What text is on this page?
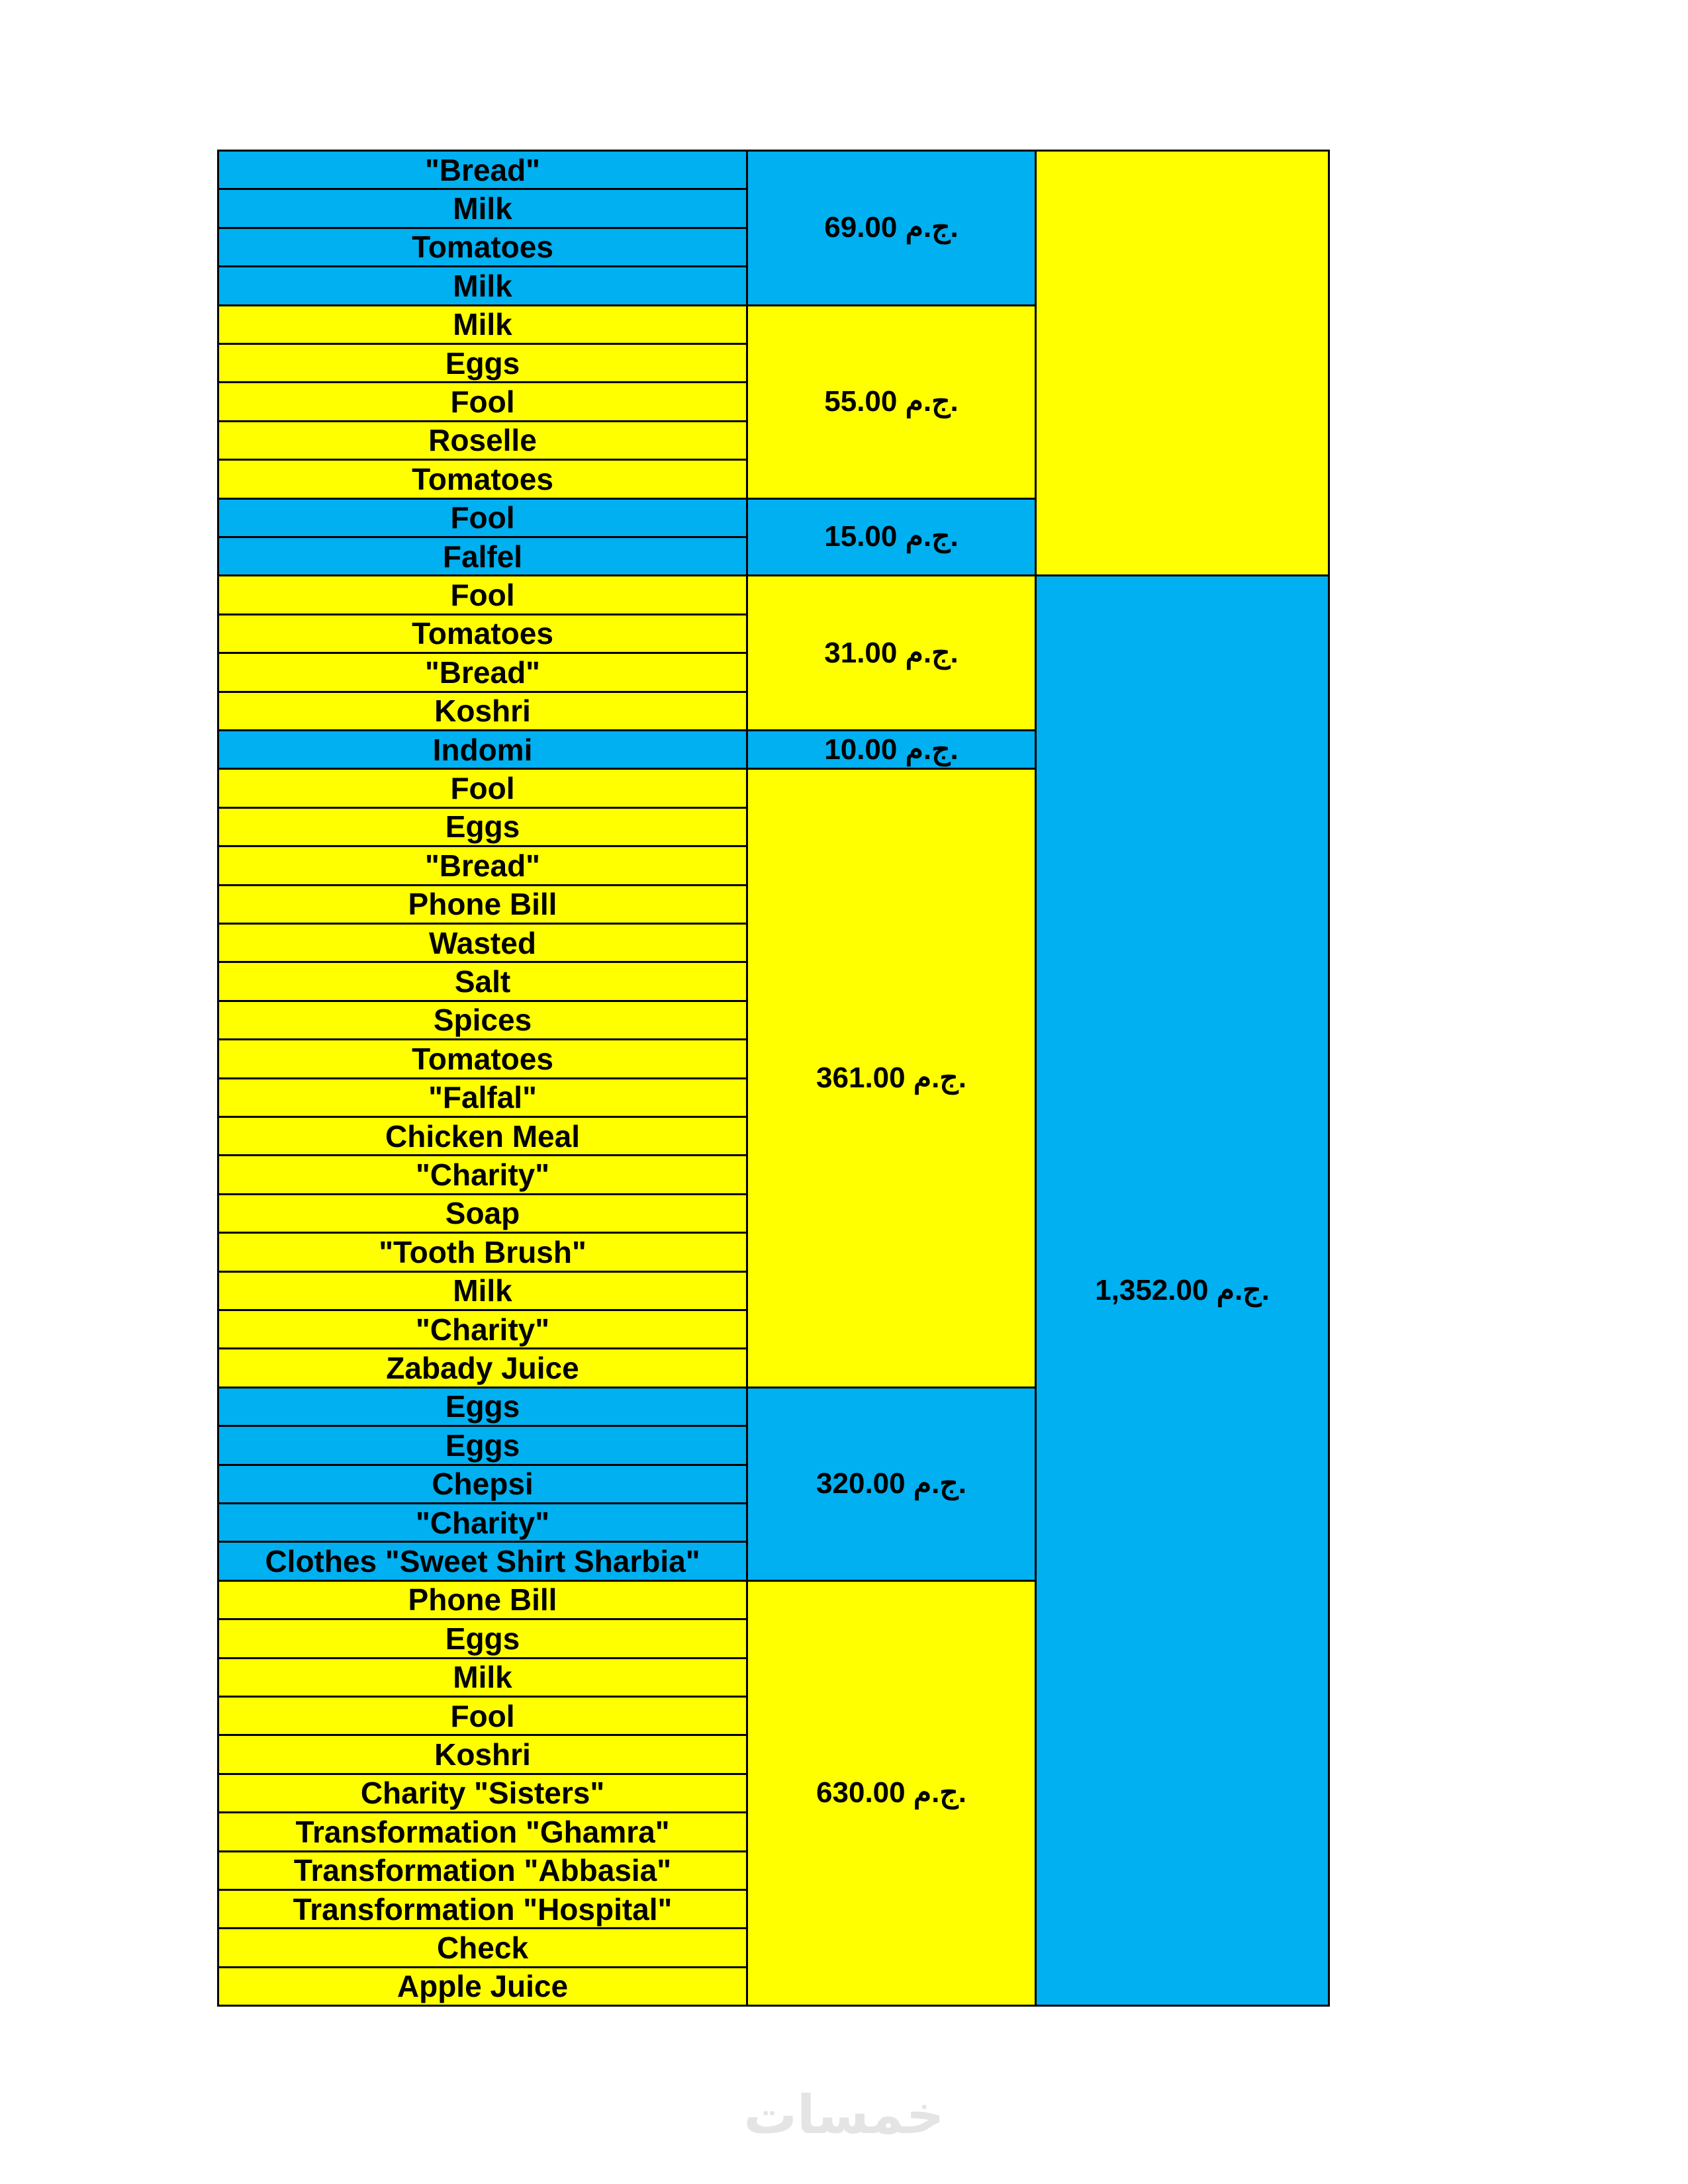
"Bread"
Milk
Tomatoes
Milk
Milk
Eggs
Fool
Roselle
Tomatoes
Fool
Falfel
Fool
Tomatoes
"Bread"
Koshri
Indomi
Fool
Eggs
"Bread"
Phone Bill
Wasted
Salt
Spices
Tomatoes
"Falfal"
Chicken Meal
"Charity"
Soap
"Tooth Brush"
Milk
"Charity"
Zabady Juice
Eggs
Eggs
Chepsi
"Charity"
Clothes "Sweet Shirt Sharbia"
Phone Bill
Eggs
Milk
Fool
Koshri
Charity "Sisters"
Transformation "Ghamra"
Transformation "Abbasia"
Transformation "Hospital"
Check
Apple Juice
69.00 ج.م.
55.00 ج.م.
15.00 ج.م.
31.00 ج.م.
10.00 ج.م.
361.00 ج.م.
320.00 ج.م.
630.00 ج.م.
1,352.00 ج.م.
خمسات
